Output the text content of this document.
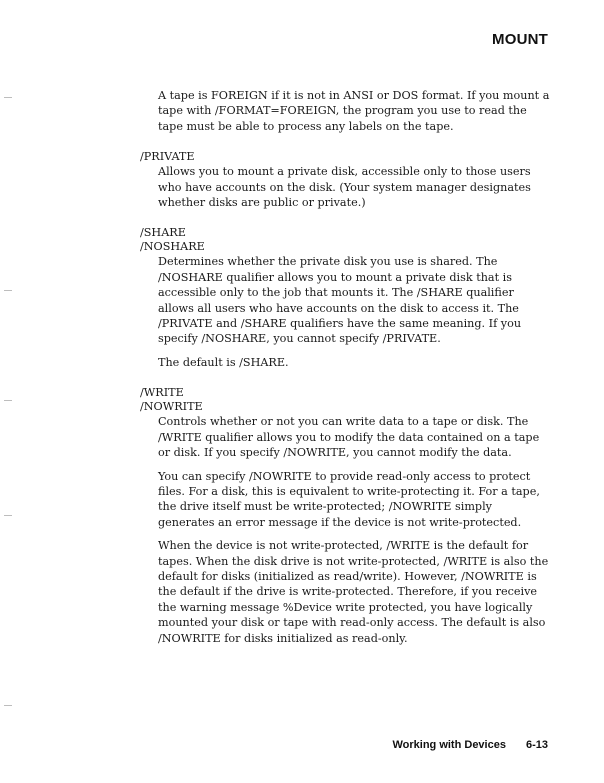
MOUNT

A tape is FOREIGN if it is not in ANSI or DOS format. If you mount a tape with /FORMAT=FOREIGN, the program you use to read the tape must be able to process any labels on the tape.

/PRIVATE

Allows you to mount a private disk, accessible only to those users who have accounts on the disk. (Your system manager designates whether disks are public or private.)

/SHARE

/NOSHARE

Determines whether the private disk you use is shared. The /NOSHARE qualifier allows you to mount a private disk that is accessible only to the job that mounts it. The /SHARE qualifier allows all users who have accounts on the disk to access it. The /PRIVATE and /SHARE qualifiers have the same meaning. If you specify /NOSHARE, you cannot specify /PRIVATE.

The default is /SHARE.

/WRITE

/NOWRITE

Controls whether or not you can write data to a tape or disk. The /WRITE qualifier allows you to modify the data contained on a tape or disk. If you specify /NOWRITE, you cannot modify the data.

You can specify /NOWRITE to provide read-only access to protect files. For a disk, this is equivalent to write-protecting it. For a tape, the drive itself must be write-protected; /NOWRITE simply generates an error message if the device is not write-protected.

When the device is not write-protected, /WRITE is the default for tapes. When the disk drive is not write-protected, /WRITE is also the default for disks (initialized as read/write). However, /NOWRITE is the default if the drive is write-protected. Therefore, if you receive the warning message %Device write protected, you have logically mounted your disk or tape with read-only access. The default is also /NOWRITE for disks initialized as read-only.

Working with Devices 6-13
